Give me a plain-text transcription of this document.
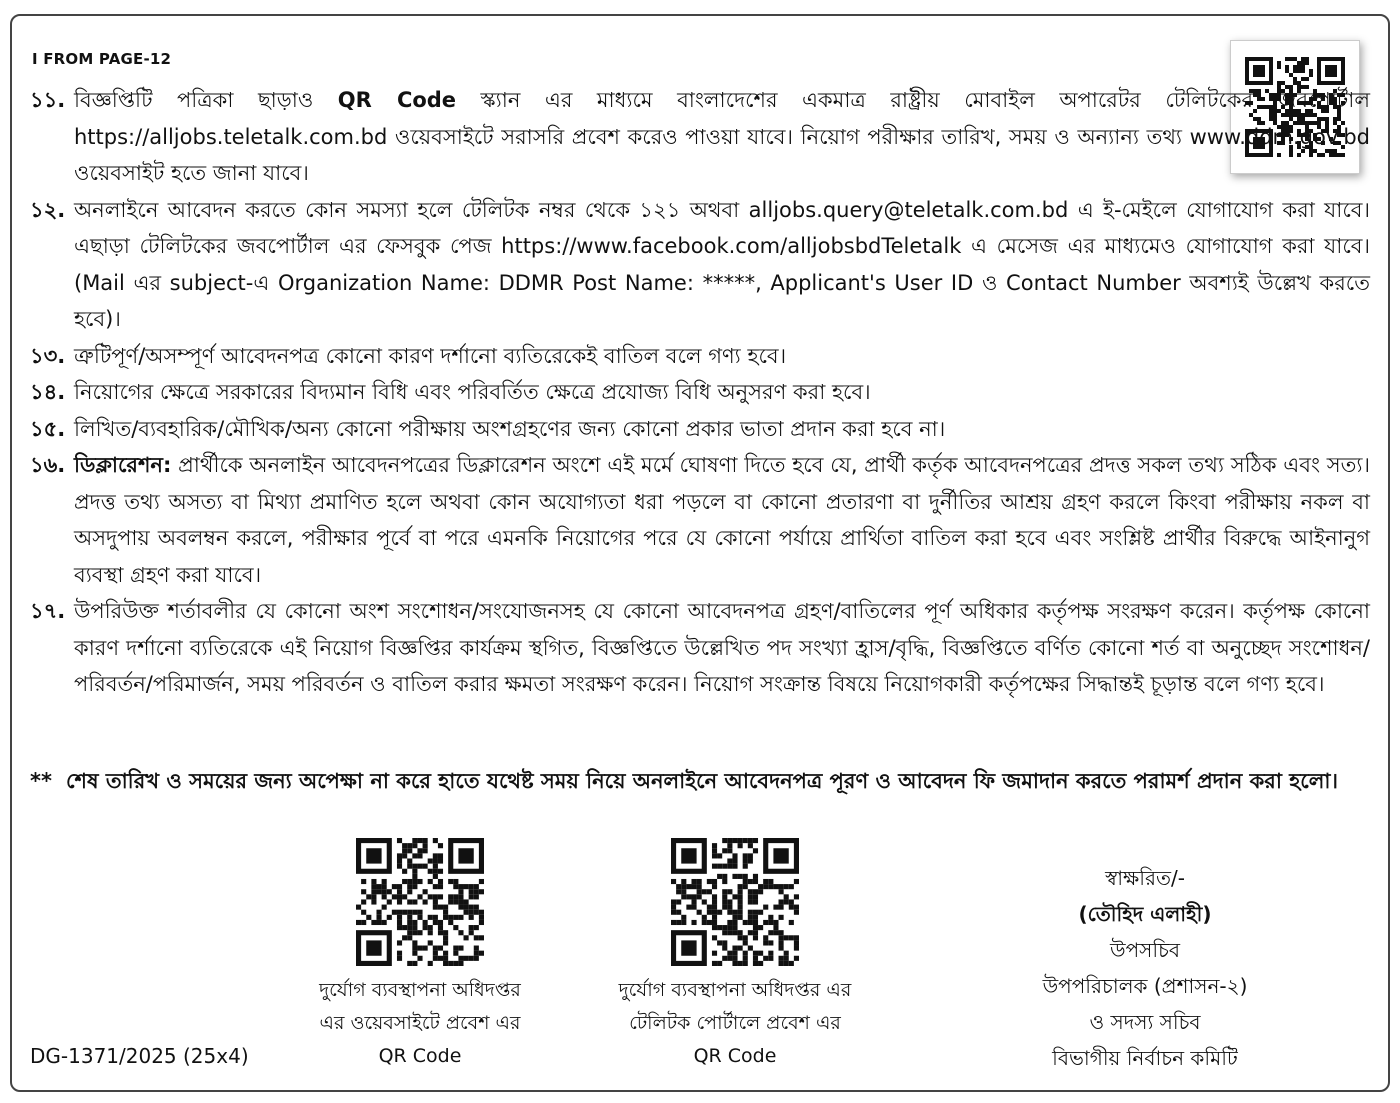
I FROM PAGE-12
১১. বিজ্ঞপ্তিটি পত্রিকা ছাড়াও QR Code স্ক্যান এর মাধ্যমে বাংলাদেশের একমাত্র রাষ্ট্রীয় মোবাইল অপারেটর টেলিটকের জবপোর্টাল https://alljobs.teletalk.com.bd ওয়েবসাইটে সরাসরি প্রবেশ করেও পাওয়া যাবে। নিয়োগ পরীক্ষার তারিখ, সময় ও অন্যান্য তথ্য www.ddm.gov.bd ওয়েবসাইট হতে জানা যাবে।
১২. অনলাইনে আবেদন করতে কোন সমস্যা হলে টেলিটক নম্বর থেকে ১২১ অথবা alljobs.query@teletalk.com.bd এ ই-মেইলে যোগাযোগ করা যাবে। এছাড়া টেলিটকের জবপোর্টাল এর ফেসবুক পেজ https://www.facebook.com/alljobsbdTeletalk এ মেসেজ এর মাধ্যমেও যোগাযোগ করা যাবে। (Mail এর subject-এ Organization Name: DDMR Post Name: *****, Applicant's User ID ও Contact Number অবশ্যই উল্লেখ করতে হবে)।
১৩. ত্রুটিপূর্ণ/অসম্পূর্ণ আবেদনপত্র কোনো কারণ দর্শানো ব্যতিরেকেই বাতিল বলে গণ্য হবে।
১৪. নিয়োগের ক্ষেত্রে সরকারের বিদ্যমান বিধি এবং পরিবর্তিত ক্ষেত্রে প্রযোজ্য বিধি অনুসরণ করা হবে।
১৫. লিখিত/ব্যবহারিক/মৌখিক/অন্য কোনো পরীক্ষায় অংশগ্রহণের জন্য কোনো প্রকার ভাতা প্রদান করা হবে না।
১৬. ডিক্লারেশন: প্রার্থীকে অনলাইন আবেদনপত্রের ডিক্লারেশন অংশে এই মর্মে ঘোষণা দিতে হবে যে, প্রার্থী কর্তৃক আবেদনপত্রের প্রদত্ত সকল তথ্য সঠিক এবং সত্য। প্রদত্ত তথ্য অসত্য বা মিথ্যা প্রমাণিত হলে অথবা কোন অযোগ্যতা ধরা পড়লে বা কোনো প্রতারণা বা দুর্নীতির আশ্রয় গ্রহণ করলে কিংবা পরীক্ষায় নকল বা অসদুপায় অবলম্বন করলে, পরীক্ষার পূর্বে বা পরে এমনকি নিয়োগের পরে যে কোনো পর্যায়ে প্রার্থিতা বাতিল করা হবে এবং সংশ্লিষ্ট প্রার্থীর বিরুদ্ধে আইনানুগ ব্যবস্থা গ্রহণ করা যাবে।
১৭. উপরিউক্ত শর্তাবলীর যে কোনো অংশ সংশোধন/সংযোজনসহ যে কোনো আবেদনপত্র গ্রহণ/বাতিলের পূর্ণ অধিকার কর্তৃপক্ষ সংরক্ষণ করেন। কর্তৃপক্ষ কোনো কারণ দর্শানো ব্যতিরেকে এই নিয়োগ বিজ্ঞপ্তির কার্যক্রম স্থগিত, বিজ্ঞপ্তিতে উল্লেখিত পদ সংখ্যা হ্রাস/বৃদ্ধি, বিজ্ঞপ্তিতে বর্ণিত কোনো শর্ত বা অনুচ্ছেদ সংশোধন/পরিবর্তন/পরিমার্জন, সময় পরিবর্তন ও বাতিল করার ক্ষমতা সংরক্ষণ করেন। নিয়োগ সংক্রান্ত বিষয়ে নিয়োগকারী কর্তৃপক্ষের সিদ্ধান্তই চূড়ান্ত বলে গণ্য হবে।
** শেষ তারিখ ও সময়ের জন্য অপেক্ষা না করে হাতে যথেষ্ট সময় নিয়ে অনলাইনে আবেদনপত্র পূরণ ও আবেদন ফি জমাদান করতে পরামর্শ প্রদান করা হলো।
দুর্যোগ ব্যবস্থাপনা অধিদপ্তর
এর ওয়েবসাইটে প্রবেশ এর
QR Code
দুর্যোগ ব্যবস্থাপনা অধিদপ্তর এর
টেলিটক পোর্টালে প্রবেশ এর
QR Code
স্বাক্ষরিত/-
(তৌহিদ এলাহী)
উপসচিব
উপপরিচালক (প্রশাসন-২)
ও সদস্য সচিব
বিভাগীয় নির্বাচন কমিটি
DG-1371/2025 (25x4)
